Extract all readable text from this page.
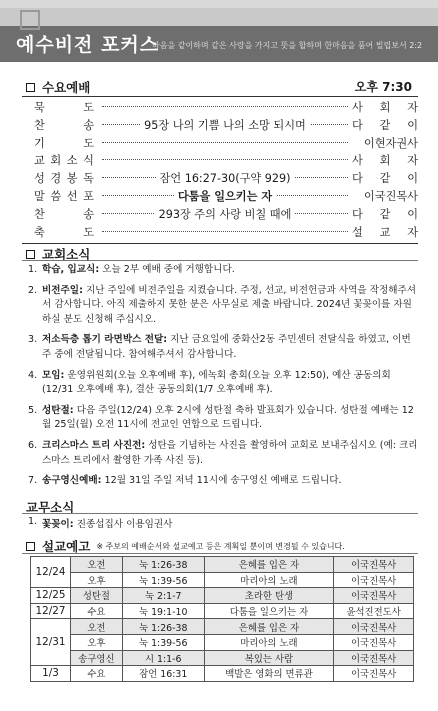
예수비전 포커스
마음을 같이하며 같은 사랑을 가지고 뜻을 합하며 한마음을 품어 빌립보서 2:2
수요예배	오후 7:30
묵	도	사 회 자
찬	송	95장 나의 기쁨 나의 소망 되시며	다 같 이
기	도	이현자권사
교 회 소 식	사 회 자
성 경 봉 독	잠언 16:27-30(구약 929)	다 같 이
말 씀 선 포	다툼을 일으키는 자	이국진목사
찬	송	293장 주의 사랑 비칠 때에	다 같 이
축	도	설 교 자
교회소식
1. 학습, 입교식: 오늘 2부 예배 중에 거행합니다.
2. 비전주일: 지난 주일에 비전주일을 지켰습니다. 주정, 선교, 비전헌금과 사역을 작정해주셔서 감사합니다. 아직 제출하지 못한 분은 사무실로 제출 바랍니다. 2024년 꽃꽂이를 자원하실 분도 신청해 주십시오.
3. 저소득층 톱기 라면박스 전달: 지난 금요일에 중화산2동 주민센터 전달식을 하였고, 이번 주 중에 전달됩니다. 참여해주셔서 감사합니다.
4. 모임: 운영위원회(오늘 오후예배 후), 에녹회 총회(오늘 오후 12:50), 예산 공동의회(12/31 오후예배 후), 결산 공동의회(1/7 오후예배 후).
5. 성탄절: 다음 주일(12/24) 오후 2시에 성탄절 축하 발표회가 있습니다. 성탄절 예배는 12월 25일(월) 오전 11시에 전교인 연합으로 드립니다.
6. 크리스마스 트리 사진전: 성탄을 기념하는 사진을 촬영하여 교회로 보내주십시오 (예: 크리스마스 트리에서 촬영한 가족 사진 등).
7. 송구영신예배: 12월 31일 주일 저녁 11시에 송구영신 예배로 드립니다.
교무소식
1. 꽃꽂이: 진종섭집사 이용임권사
설교예고 ※ 주보의 예배순서와 설교예고 등은 계획일 뿐이며 변경될 수 있습니다.
12/24	오전	눅 1:26-38	은혜를 입은 자	이국진목사
	오후	눅 1:39-56	마리아의 노래	이국진목사
12/25	성탄절	눅 2:1-7	초라한 탄생	이국진목사
12/27	수요	눅 19:1-10	다툼을 일으키는 자	윤석진전도사
12/31	오전	눅 1:26-38	은혜를 입은 자	이국진목사
	오후	눅 1:39-56	마리아의 노래	이국진목사
	송구영신	시 1:1-6	복있는 사람	이국진목사
1/3	수요	잠언 16:31	백발은 영화의 면류관	이국진목사
